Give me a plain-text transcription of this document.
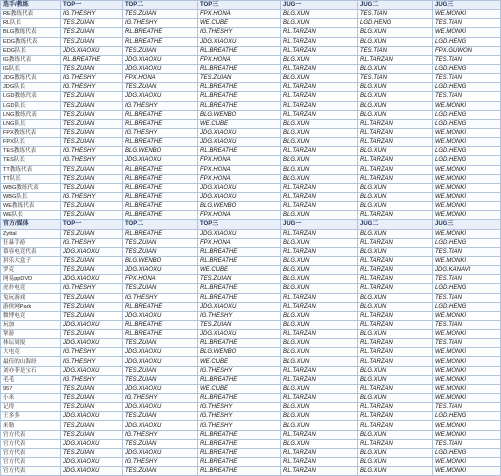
选手/教练	TOP一	TOP二	TOP三	JUG一	JUG二	JUG三
RE教练代表	IG.THESHY	TES.ZUIAN	FPX.HONA	BLG.XUN	TES.TIAN	WE.MONKI
RL队长	TES.ZUIAN	IG.THESHY	WE.CUBE	BLG.XUN	LGD.HENG	TES.TIAN
BLG教练代表	TES.ZUIAN	RL.BREATHE	IG.THESHY	RL.TARZAN	BLG.XUN	WE.MONKI
EDG教练代表	TES.ZUIAN	RL.BREATHE	JDG.XIAOXU	RL.TARZAN	BLG.XUN	LGD.HENG
EDG队长	JDG.XIAOXU	TES.ZUIAN	RL.BREATHE	RL.TARZAN	TES.TIAN	FPX.GUWON
IG教练代表	RL.BREATHE	JDG.XIAOXU	FPX.HONA	BLG.XUN	RL.TARZAN	TES.TIAN
IG队长	TES.ZUIAN	JDG.XIAOXU	RL.BREATHE	RL.TARZAN	BLG.XUN	LGD.HENG
JDG教练代表	IG.THESHY	FPX.HONA	TES.ZUIAN	BLG.XUN	TES.TIAN	TES.TIAN
JDG队长	IG.THESHY	TES.ZUIAN	RL.BREATHE	RL.TARZAN	BLG.XUN	LGD.HENG
LGD教练代表	TES.ZUIAN	JDG.XIAOXU	RL.BREATHE	RL.TARZAN	BLG.XUN	TES.TIAN
LGD队长	TES.ZUIAN	IG.THESHY	RL.BREATHE	RL.TARZAN	BLG.XUN	WE.MONKI
LNG教练代表	TES.ZUIAN	RL.BREATHE	BLG.WENBO	RL.TARZAN	BLG.XUN	LGD.HENG
LNG队长	TES.ZUIAN	RL.BREATHE	WE.CUBE	BLG.XUN	RL.TARZAN	LGD.HENG
FPX教练代表	TES.ZUIAN	IG.THESHY	JDG.XIAOXU	BLG.XUN	RL.TARZAN	WE.MONKI
FPX队长	TES.ZUIAN	RL.BREATHE	JDG.XIAOXU	BLG.XUN	RL.TARZAN	WE.MONKI
TES教练代表	IG.THESHY	BLG.WENBO	RL.BREATHE	RL.TARZAN	BLG.XUN	LGD.HENG
TES队长	IG.THESHY	JDG.XIAOXU	FPX.HONA	BLG.XUN	RL.TARZAN	LGD.HENG
TT教练代表	TES.ZUIAN	RL.BREATHE	FPX.HONA	BLG.XUN	RL.TARZAN	WE.MONKI
TT队长	TES.ZUIAN	RL.BREATHE	FPX.HONA	BLG.XUN	RL.TARZAN	WE.MONKI
WBG教练代表	TES.ZUIAN	RL.BREATHE	JDG.XIAOXU	RL.TARZAN	BLG.XUN	WE.MONKI
WBG队长	IG.THESHY	RL.BREATHE	JDG.XIAOXU	RL.TARZAN	BLG.XUN	WE.MONKI
WE教练代表	TES.ZUIAN	RL.BREATHE	BLG.WENBO	RL.TARZAN	BLG.XUN	WE.MONKI
WE队长	TES.ZUIAN	RL.BREATHE	FPX.HONA	BLG.XUN	RL.TARZAN	WE.MONKI
官方/媒体	TOP一	TOP二	TOP三	JUG一	JUG二	JUG三
Zyttal	TES.ZUIAN	RL.BREATHE	JDG.XIAOXU	RL.TARZAN	BLG.XUN	WE.MONKI
狂暴手游	IG.THESHY	TES.ZUIAN	FPX.HONA	BLG.XUN	RL.TARZAN	LGD.HENG
慕容电竞代表	JDG.XIAOXU	TES.ZUIAN	RL.BREATHE	RL.TARZAN	BLG.XUN	TES.TIAN
拼乐大盒子	TES.ZUIAN	BLG.WENBO	RL.BREATHE	BLG.XUN	RL.TARZAN	WE.MONKI
罗克	TES.ZUIAN	JDG.XIAOXU	WE.CUBE	BLG.XUN	RL.TARZAN	JDG.KANAVI
网易ppDVD	JDG.XIAOXU	FPX.HONA	TES.ZUIAN	BLG.XUN	RL.TARZAN	TES.TIAN
虎扑电竞	IG.THESHY	TES.ZUIAN	RL.BREATHE	BLG.XUN	RL.TARZAN	LGD.HENG
兔玩游戏	TES.ZUIAN	IG.THESHY	RL.BREATHE	RL.TARZAN	BLG.XUN	TES.TIAN
游侠网Park	TES.ZUIAN	RL.BREATHE	JDG.XIAOXU	RL.TARZAN	BLG.XUN	LGD.HENG
微博电竞	TES.ZUIAN	JDG.XIAOXU	IG.THESHY	BLG.XUN	RL.TARZAN	WE.MONKI
玩加	JDG.XIAOXU	RL.BREATHE	TES.ZUIAN	BLG.XUN	RL.TARZAN	TES.TIAN
掌游	TES.ZUIAN	RL.BREATHE	JDG.XIAOXU	RL.TARZAN	BLG.XUN	WE.MONKI
体坛周报	JDG.XIAOXU	TES.ZUIAN	RL.BREATHE	BLG.XUN	RL.TARZAN	TES.TIAN
大电竞	IG.THESHY	JDG.XIAOXU	BLG.WENBO	BLG.XUN	RL.TARZAN	WE.MONKI
最佳的山海经	IG.THESHY	JDG.XIAOXU	WE.CUBE	BLG.XUN	RL.TARZAN	WE.MONKI
刘亦菲是宝石	JDG.XIAOXU	TES.ZUIAN	IG.THESHY	RL.TARZAN	BLG.XUN	WE.MONKI
毛毛	IG.THESHY	TES.ZUIAN	RL.BREATHE	RL.TARZAN	BLG.XUN	WE.MONKI
957	TES.ZUIAN	JDG.XIAOXU	WE.CUBE	BLG.XUN	RL.TARZAN	WE.MONKI
小米	TES.ZUIAN	IG.THESHY	RL.BREATHE	RL.TARZAN	BLG.XUN	WE.MONKI
记得	TES.ZUIAN	JDG.XIAOXU	IG.THESHY	BLG.XUN	RL.TARZAN	TES.TIAN
王多多	JDG.XIAOXU	TES.ZUIAN	IG.THESHY	BLG.XUN	RL.TARZAN	LGD.HENG
米勒	TES.ZUIAN	JDG.XIAOXU	IG.THESHY	BLG.XUN	RL.TARZAN	WE.MONKI
官方代表	TES.ZUIAN	IG.THESHY	RL.BREATHE	RL.TARZAN	BLG.XUN	WE.MONKI
官方代表	JDG.XIAOXU	TES.ZUIAN	RL.BREATHE	BLG.XUN	RL.TARZAN	TES.TIAN
官方代表	TES.ZUIAN	JDG.XIAOXU	RL.BREATHE	RL.TARZAN	BLG.XUN	LGD.HENG
官方代表	JDG.XIAOXU	IG.THESHY	RL.BREATHE	RL.TARZAN	BLG.XUN	WE.MONKI
官方代表	JDG.XIAOXU	TES.ZUIAN	RL.BREATHE	RL.TARZAN	BLG.XUN	WE.MONKI
